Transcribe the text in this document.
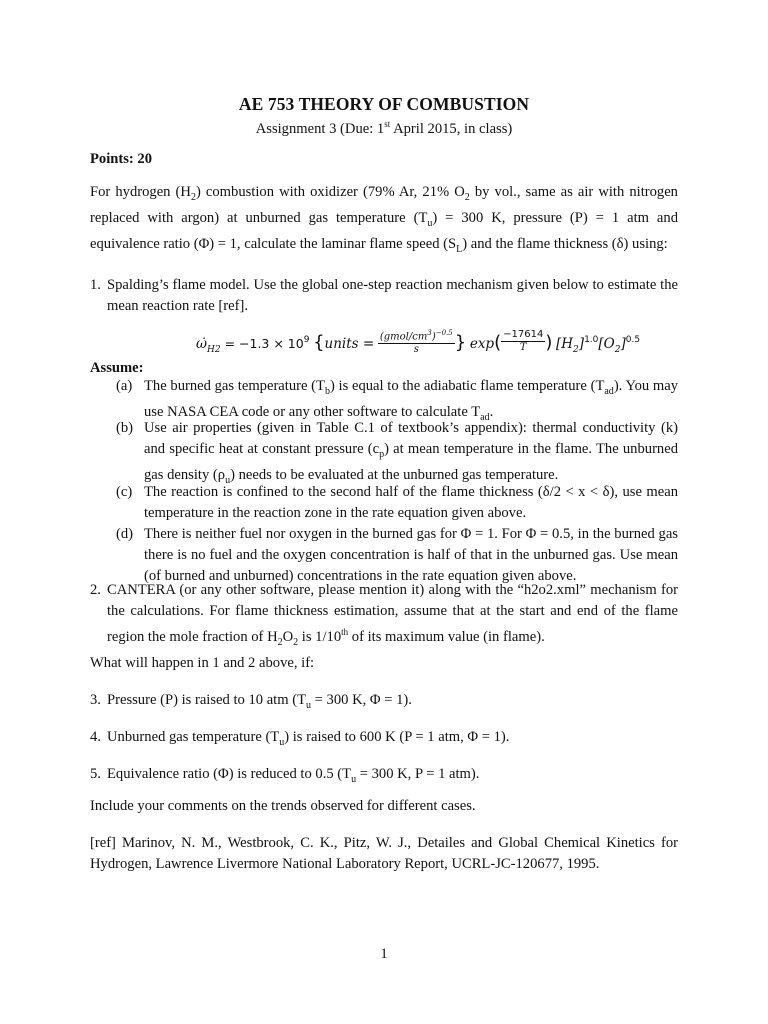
AE 753 THEORY OF COMBUSTION
Assignment 3 (Due: 1st April 2015, in class)
Points: 20
For hydrogen $(H_2)$ combustion with oxidizer (79% Ar, 21% $O_2$ by vol., same as air with nitrogen replaced with argon) at unburned gas temperature $(T_u) = 300$ K, pressure (P) = 1 atm and equivalence ratio (Φ) = 1, calculate the laminar flame speed $(S_L)$ and the flame thickness (δ) using:
1. Spalding’s flame model. Use the global one-step reaction mechanism given below to estimate the mean reaction rate [ref].
$\omegȧ_{H2} = -1.3 \times 10^9$ {units = $(gmol/cm^3)^{-0.5}$
s	} $\exp( \frac{-17614}{T}$ ) $[H_2]^{1.0}[O_2]^{0.5}$
Assume:
(a) The burned gas temperature $(T_b)$ is equal to the adiabatic flame temperature $(T_{ad})$. You may use NASA CEA code or any other software to calculate $T_{ad}$.
(b) Use air properties (given in Table C.1 of textbook’s appendix): thermal conductivity (k) and specific heat at constant pressure $(c_p)$ at mean temperature in the flame. The unburned gas density $(\rho_u)$ needs to be evaluated at the unburned gas temperature.
(c) The reaction is confined to the second half of the flame thickness (δ/2 < x < δ), use mean temperature in the reaction zone in the rate equation given above.
(d) There is neither fuel nor oxygen in the burned gas for Φ = 1. For Φ = 0.5, in the burned gas there is no fuel and the oxygen concentration is half of that in the unburned gas. Use mean (of burned and unburned) concentrations in the rate equation given above.
2. CANTERA (or any other software, please mention it) along with the “h2o2.xml” mechanism for the calculations. For flame thickness estimation, assume that at the start and end of the flame region the mole fraction of $H_2O_2$ is 1/10th of its maximum value (in flame).
What will happen in 1 and 2 above, if:
3. Pressure (P) is raised to 10 atm ($T_u = 300$ K, Φ = 1).
4. Unburned gas temperature $(T_u)$ is raised to 600 K (P = 1 atm, Φ = 1).
5. Equivalence ratio (Φ) is reduced to 0.5 ($T_u = 300$ K, P = 1 atm).
Include your comments on the trends observed for different cases.
[ref] Marinov, N. M., Westbrook, C. K., Pitz, W. J., Detailes and Global Chemical Kinetics for Hydrogen, Lawrence Livermore National Laboratory Report, UCRL-JC-120677, 1995.
1
